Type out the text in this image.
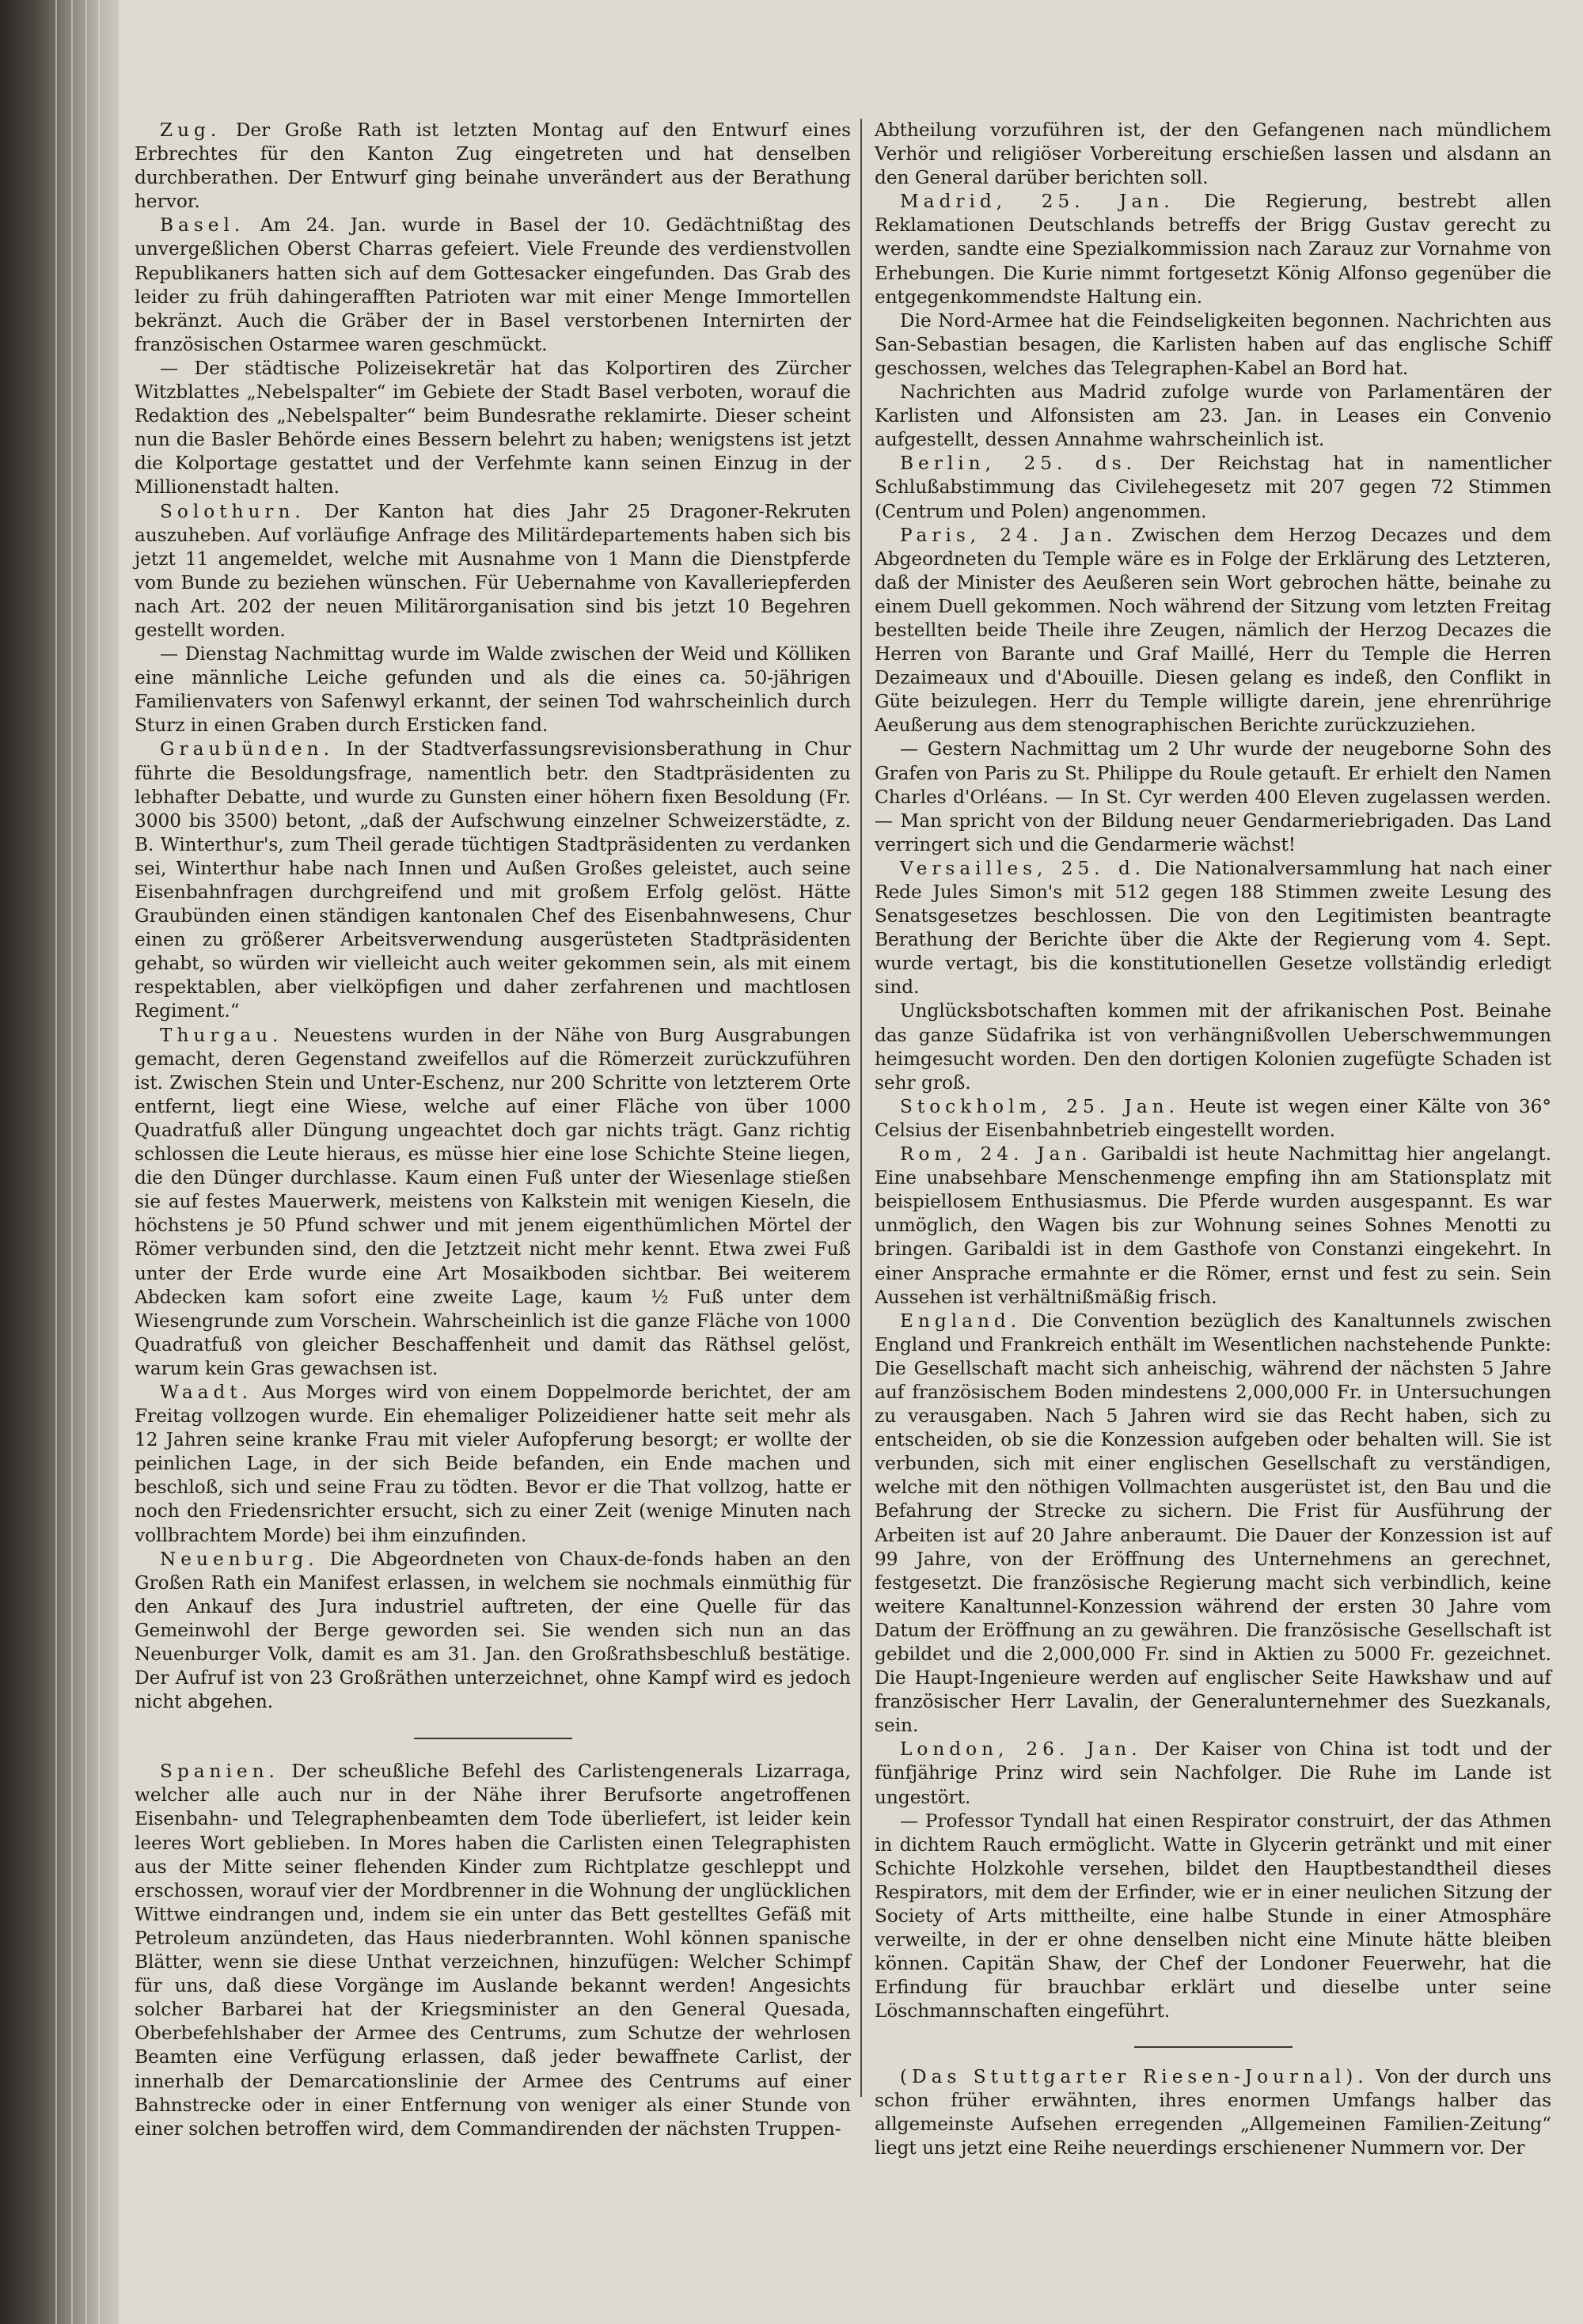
Zug. Der Große Rath ist letzten Montag auf den Entwurf eines Erbrechtes für den Kanton Zug eingetreten und hat denselben durchberathen. Der Entwurf ging beinahe unverändert aus der Berathung hervor.

Basel. Am 24. Jan. wurde in Basel der 10. Gedächtnißtag des unvergeßlichen Oberst Charras gefeiert. Viele Freunde des verdienstvollen Republikaners hatten sich auf dem Gottesacker eingefunden. Das Grab des leider zu früh dahingerafften Patrioten war mit einer Menge Immortellen bekränzt. Auch die Gräber der in Basel verstorbenen Internirten der französischen Ostarmee waren geschmückt.

— Der städtische Polizeisekretär hat das Kolportiren des Zürcher Witzblattes „Nebelspalter“ im Gebiete der Stadt Basel verboten, worauf die Redaktion des „Nebelspalter“ beim Bundesrathe reklamirte. Dieser scheint nun die Basler Behörde eines Bessern belehrt zu haben; wenigstens ist jetzt die Kolportage gestattet und der Verfehmte kann seinen Einzug in der Millionenstadt halten.

Solothurn. Der Kanton hat dies Jahr 25 Dragoner-Rekruten auszuheben. Auf vorläufige Anfrage des Militärdepartements haben sich bis jetzt 11 angemeldet, welche mit Ausnahme von 1 Mann die Dienstpferde vom Bunde zu beziehen wünschen. Für Uebernahme von Kavalleriepferden nach Art. 202 der neuen Militärorganisation sind bis jetzt 10 Begehren gestellt worden.

— Dienstag Nachmittag wurde im Walde zwischen der Weid und Kölliken eine männliche Leiche gefunden und als die eines ca. 50-jährigen Familienvaters von Safenwyl erkannt, der seinen Tod wahrscheinlich durch Sturz in einen Graben durch Ersticken fand.

Graubünden. In der Stadtverfassungsrevisionsberathung in Chur führte die Besoldungsfrage, namentlich betr. den Stadtpräsidenten zu lebhafter Debatte, und wurde zu Gunsten einer höhern fixen Besoldung (Fr. 3000 bis 3500) betont, „daß der Aufschwung einzelner Schweizerstädte, z. B. Winterthur's, zum Theil gerade tüchtigen Stadtpräsidenten zu verdanken sei, Winterthur habe nach Innen und Außen Großes geleistet, auch seine Eisenbahnfragen durchgreifend und mit großem Erfolg gelöst. Hätte Graubünden einen ständigen kantonalen Chef des Eisenbahnwesens, Chur einen zu größerer Arbeitsverwendung ausgerüsteten Stadtpräsidenten gehabt, so würden wir vielleicht auch weiter gekommen sein, als mit einem respektablen, aber vielköpfigen und daher zerfahrenen und machtlosen Regiment.“

Thurgau. Neuestens wurden in der Nähe von Burg Ausgrabungen gemacht, deren Gegenstand zweifellos auf die Römerzeit zurückzuführen ist. Zwischen Stein und Unter-Eschenz, nur 200 Schritte von letzterem Orte entfernt, liegt eine Wiese, welche auf einer Fläche von über 1000 Quadratfuß aller Düngung ungeachtet doch gar nichts trägt. Ganz richtig schlossen die Leute hieraus, es müsse hier eine lose Schichte Steine liegen, die den Dünger durchlasse. Kaum einen Fuß unter der Wiesenlage stießen sie auf festes Mauerwerk, meistens von Kalkstein mit wenigen Kieseln, die höchstens je 50 Pfund schwer und mit jenem eigenthümlichen Mörtel der Römer verbunden sind, den die Jetztzeit nicht mehr kennt. Etwa zwei Fuß unter der Erde wurde eine Art Mosaikboden sichtbar. Bei weiterem Abdecken kam sofort eine zweite Lage, kaum ½ Fuß unter dem Wiesengrunde zum Vorschein. Wahrscheinlich ist die ganze Fläche von 1000 Quadratfuß von gleicher Beschaffenheit und damit das Räthsel gelöst, warum kein Gras gewachsen ist.

Waadt. Aus Morges wird von einem Doppelmorde berichtet, der am Freitag vollzogen wurde. Ein ehemaliger Polizeidiener hatte seit mehr als 12 Jahren seine kranke Frau mit vieler Aufopferung besorgt; er wollte der peinlichen Lage, in der sich Beide befanden, ein Ende machen und beschloß, sich und seine Frau zu tödten. Bevor er die That vollzog, hatte er noch den Friedensrichter ersucht, sich zu einer Zeit (wenige Minuten nach vollbrachtem Morde) bei ihm einzufinden.

Neuenburg. Die Abgeordneten von Chaux-de-fonds haben an den Großen Rath ein Manifest erlassen, in welchem sie nochmals einmüthig für den Ankauf des Jura industriel auftreten, der eine Quelle für das Gemeinwohl der Berge geworden sei. Sie wenden sich nun an das Neuenburger Volk, damit es am 31. Jan. den Großrathsbeschluß bestätige. Der Aufruf ist von 23 Großräthen unterzeichnet, ohne Kampf wird es jedoch nicht abgehen.

Spanien. Der scheußliche Befehl des Carlistengenerals Lizarraga, welcher alle auch nur in der Nähe ihrer Berufsorte angetroffenen Eisenbahn- und Telegraphenbeamten dem Tode überliefert, ist leider kein leeres Wort geblieben. In Mores haben die Carlisten einen Telegraphisten aus der Mitte seiner flehenden Kinder zum Richtplatze geschleppt und erschossen, worauf vier der Mordbrenner in die Wohnung der unglücklichen Wittwe eindrangen und, indem sie ein unter das Bett gestelltes Gefäß mit Petroleum anzündeten, das Haus niederbrannten. Wohl können spanische Blätter, wenn sie diese Unthat verzeichnen, hinzufügen: Welcher Schimpf für uns, daß diese Vorgänge im Auslande bekannt werden! Angesichts solcher Barbarei hat der Kriegsminister an den General Quesada, Oberbefehlshaber der Armee des Centrums, zum Schutze der wehrlosen Beamten eine Verfügung erlassen, daß jeder bewaffnete Carlist, der innerhalb der Demarcationslinie der Armee des Centrums auf einer Bahnstrecke oder in einer Entfernung von weniger als einer Stunde von einer solchen betroffen wird, dem Commandirenden der nächsten Truppen-

Abtheilung vorzuführen ist, der den Gefangenen nach mündlichem Verhör und religiöser Vorbereitung erschießen lassen und alsdann an den General darüber berichten soll.

Madrid, 25. Jan. Die Regierung, bestrebt allen Reklamationen Deutschlands betreffs der Brigg Gustav gerecht zu werden, sandte eine Spezialkommission nach Zarauz zur Vornahme von Erhebungen. Die Kurie nimmt fortgesetzt König Alfonso gegenüber die entgegenkommendste Haltung ein.

Die Nord-Armee hat die Feindseligkeiten begonnen. Nachrichten aus San-Sebastian besagen, die Karlisten haben auf das englische Schiff geschossen, welches das Telegraphen-Kabel an Bord hat.

Nachrichten aus Madrid zufolge wurde von Parlamentären der Karlisten und Alfonsisten am 23. Jan. in Leases ein Convenio aufgestellt, dessen Annahme wahrscheinlich ist.

Berlin, 25. ds. Der Reichstag hat in namentlicher Schlußabstimmung das Civilehegesetz mit 207 gegen 72 Stimmen (Centrum und Polen) angenommen.

Paris, 24. Jan. Zwischen dem Herzog Decazes und dem Abgeordneten du Temple wäre es in Folge der Erklärung des Letzteren, daß der Minister des Aeußeren sein Wort gebrochen hätte, beinahe zu einem Duell gekommen. Noch während der Sitzung vom letzten Freitag bestellten beide Theile ihre Zeugen, nämlich der Herzog Decazes die Herren von Barante und Graf Maillé, Herr du Temple die Herren Dezaimeaux und d'Abouille. Diesen gelang es indeß, den Conflikt in Güte beizulegen. Herr du Temple willigte darein, jene ehrenrührige Aeußerung aus dem stenographischen Berichte zurückzuziehen.

— Gestern Nachmittag um 2 Uhr wurde der neugeborne Sohn des Grafen von Paris zu St. Philippe du Roule getauft. Er erhielt den Namen Charles d'Orléans. — In St. Cyr werden 400 Eleven zugelassen werden. — Man spricht von der Bildung neuer Gendarmeriebrigaden. Das Land verringert sich und die Gendarmerie wächst!

Versailles, 25. d. Die Nationalversammlung hat nach einer Rede Jules Simon's mit 512 gegen 188 Stimmen zweite Lesung des Senatsgesetzes beschlossen. Die von den Legitimisten beantragte Berathung der Berichte über die Akte der Regierung vom 4. Sept. wurde vertagt, bis die konstitutionellen Gesetze vollständig erledigt sind.

Unglücksbotschaften kommen mit der afrikanischen Post. Beinahe das ganze Südafrika ist von verhängnißvollen Ueberschwemmungen heimgesucht worden. Den den dortigen Kolonien zugefügte Schaden ist sehr groß.

Stockholm, 25. Jan. Heute ist wegen einer Kälte von 36° Celsius der Eisenbahnbetrieb eingestellt worden.

Rom, 24. Jan. Garibaldi ist heute Nachmittag hier angelangt. Eine unabsehbare Menschenmenge empfing ihn am Stationsplatz mit beispiellosem Enthusiasmus. Die Pferde wurden ausgespannt. Es war unmöglich, den Wagen bis zur Wohnung seines Sohnes Menotti zu bringen. Garibaldi ist in dem Gasthofe von Constanzi eingekehrt. In einer Ansprache ermahnte er die Römer, ernst und fest zu sein. Sein Aussehen ist verhältnißmäßig frisch.

England. Die Convention bezüglich des Kanaltunnels zwischen England und Frankreich enthält im Wesentlichen nachstehende Punkte: Die Gesellschaft macht sich anheischig, während der nächsten 5 Jahre auf französischem Boden mindestens 2,000,000 Fr. in Untersuchungen zu verausgaben. Nach 5 Jahren wird sie das Recht haben, sich zu entscheiden, ob sie die Konzession aufgeben oder behalten will. Sie ist verbunden, sich mit einer englischen Gesellschaft zu verständigen, welche mit den nöthigen Vollmachten ausgerüstet ist, den Bau und die Befahrung der Strecke zu sichern. Die Frist für Ausführung der Arbeiten ist auf 20 Jahre anberaumt. Die Dauer der Konzession ist auf 99 Jahre, von der Eröffnung des Unternehmens an gerechnet, festgesetzt. Die französische Regierung macht sich verbindlich, keine weitere Kanaltunnel-Konzession während der ersten 30 Jahre vom Datum der Eröffnung an zu gewähren. Die französische Gesellschaft ist gebildet und die 2,000,000 Fr. sind in Aktien zu 5000 Fr. gezeichnet. Die Haupt-Ingenieure werden auf englischer Seite Hawkshaw und auf französischer Herr Lavalin, der Generalunternehmer des Suezkanals, sein.

London, 26. Jan. Der Kaiser von China ist todt und der fünfjährige Prinz wird sein Nachfolger. Die Ruhe im Lande ist ungestört.

— Professor Tyndall hat einen Respirator construirt, der das Athmen in dichtem Rauch ermöglicht. Watte in Glycerin getränkt und mit einer Schichte Holzkohle versehen, bildet den Hauptbestandtheil dieses Respirators, mit dem der Erfinder, wie er in einer neulichen Sitzung der Society of Arts mittheilte, eine halbe Stunde in einer Atmosphäre verweilte, in der er ohne denselben nicht eine Minute hätte bleiben können. Capitän Shaw, der Chef der Londoner Feuerwehr, hat die Erfindung für brauchbar erklärt und dieselbe unter seine Löschmannschaften eingeführt.

(Das Stuttgarter Riesen-Journal). Von der durch uns schon früher erwähnten, ihres enormen Umfangs halber das allgemeinste Aufsehen erregenden „Allgemeinen Familien-Zeitung“ liegt uns jetzt eine Reihe neuerdings erschienener Nummern vor. Der
